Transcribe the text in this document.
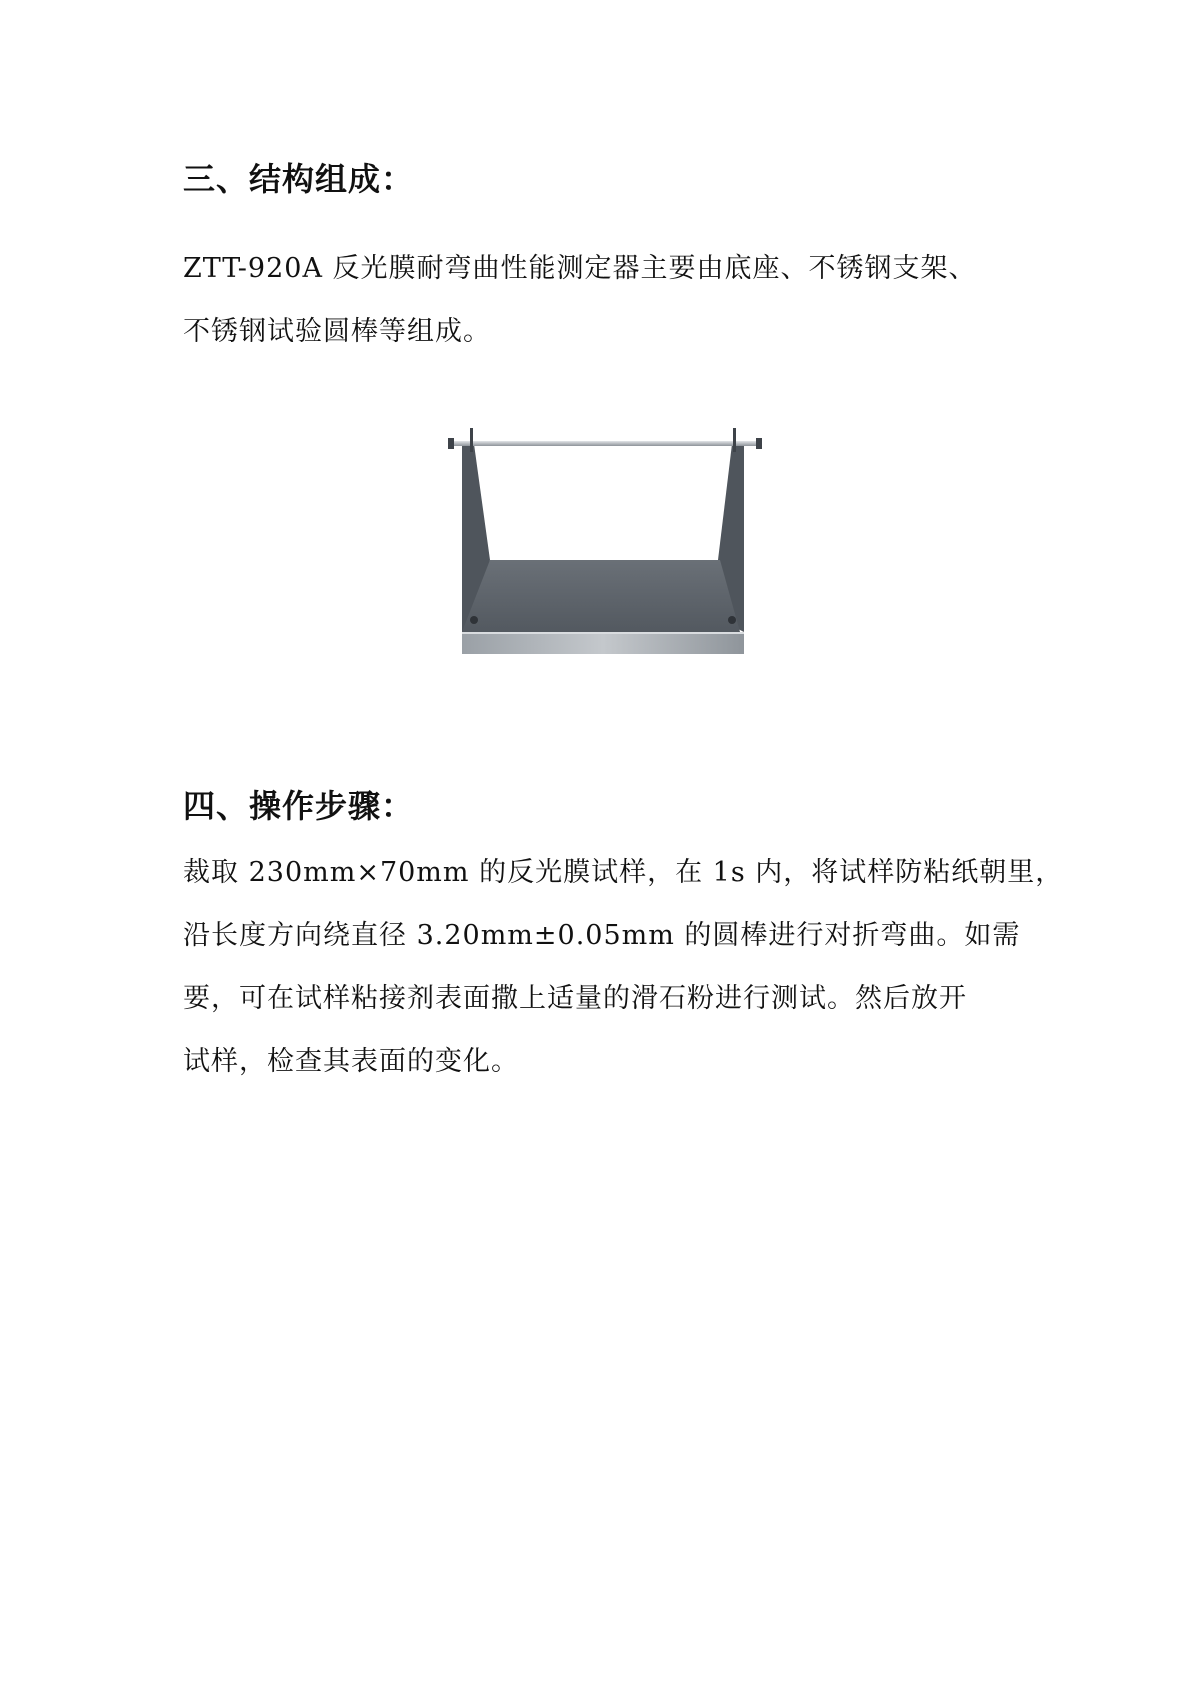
三、结构组成：
ZTT-920A 反光膜耐弯曲性能测定器主要由底座、不锈钢支架、
不锈钢试验圆棒等组成。
四、操作步骤：
裁取 230mm×70mm 的反光膜试样，在 1s 内，将试样防粘纸朝里，
沿长度方向绕直径 3.20mm±0.05mm 的圆棒进行对折弯曲。如需
要，可在试样粘接剂表面撒上适量的滑石粉进行测试。然后放开
试样，检查其表面的变化。
